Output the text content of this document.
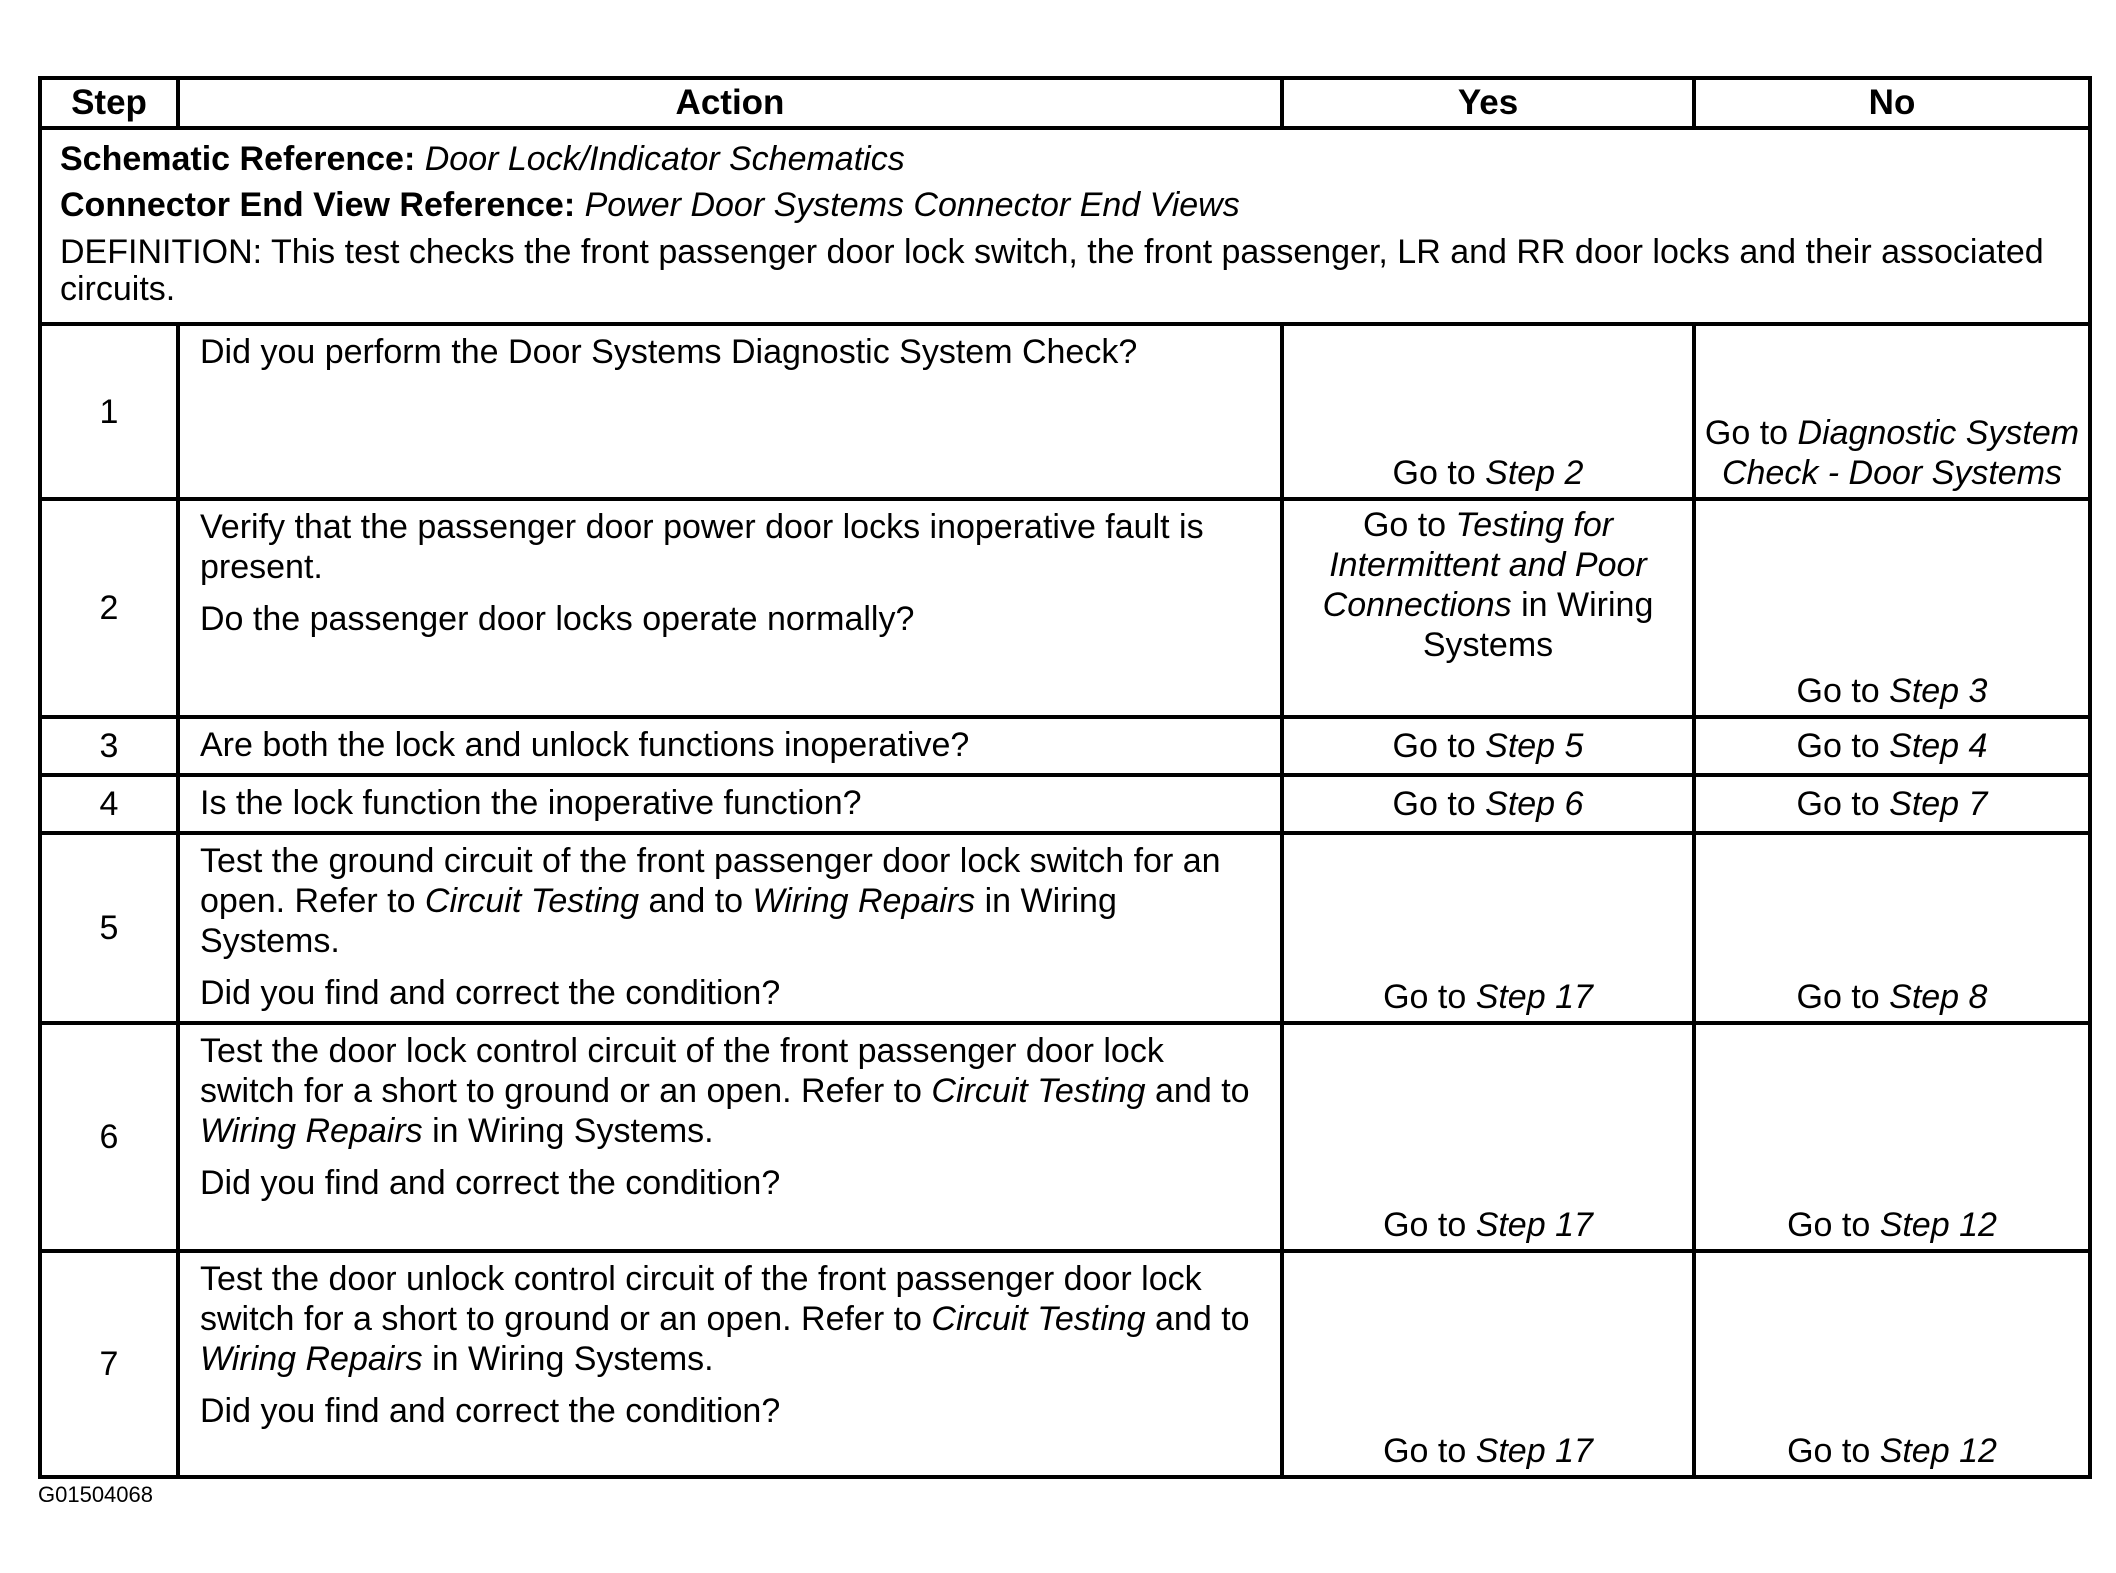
Step	Action	Yes	No

Schematic Reference: Door Lock/Indicator Schematics
Connector End View Reference: Power Door Systems Connector End Views
DEFINITION: This test checks the front passenger door lock switch, the front passenger, LR and RR door locks and their associated circuits.			

1	Did you perform the Door Systems Diagnostic System Check?	Go to Step 2	Go to Diagnostic System Check - Door Systems
2	Verify that the passenger door power door locks inoperative fault is present.
Do the passenger door locks operate normally?	Go to Testing for Intermittent and Poor Connections in Wiring Systems	Go to Step 3
3	Are both the lock and unlock functions inoperative?	Go to Step 5	Go to Step 4
4	Is the lock function the inoperative function?	Go to Step 6	Go to Step 7
5	Test the ground circuit of the front passenger door lock switch for an open. Refer to Circuit Testing and to Wiring Repairs in Wiring Systems.
Did you find and correct the condition?	Go to Step 17	Go to Step 8
6	Test the door lock control circuit of the front passenger door lock switch for a short to ground or an open. Refer to Circuit Testing and to Wiring Repairs in Wiring Systems.
Did you find and correct the condition?	Go to Step 17	Go to Step 12
7	Test the door unlock control circuit of the front passenger door lock switch for a short to ground or an open. Refer to Circuit Testing and to Wiring Repairs in Wiring Systems.
Did you find and correct the condition?	Go to Step 17	Go to Step 12
G01504068
